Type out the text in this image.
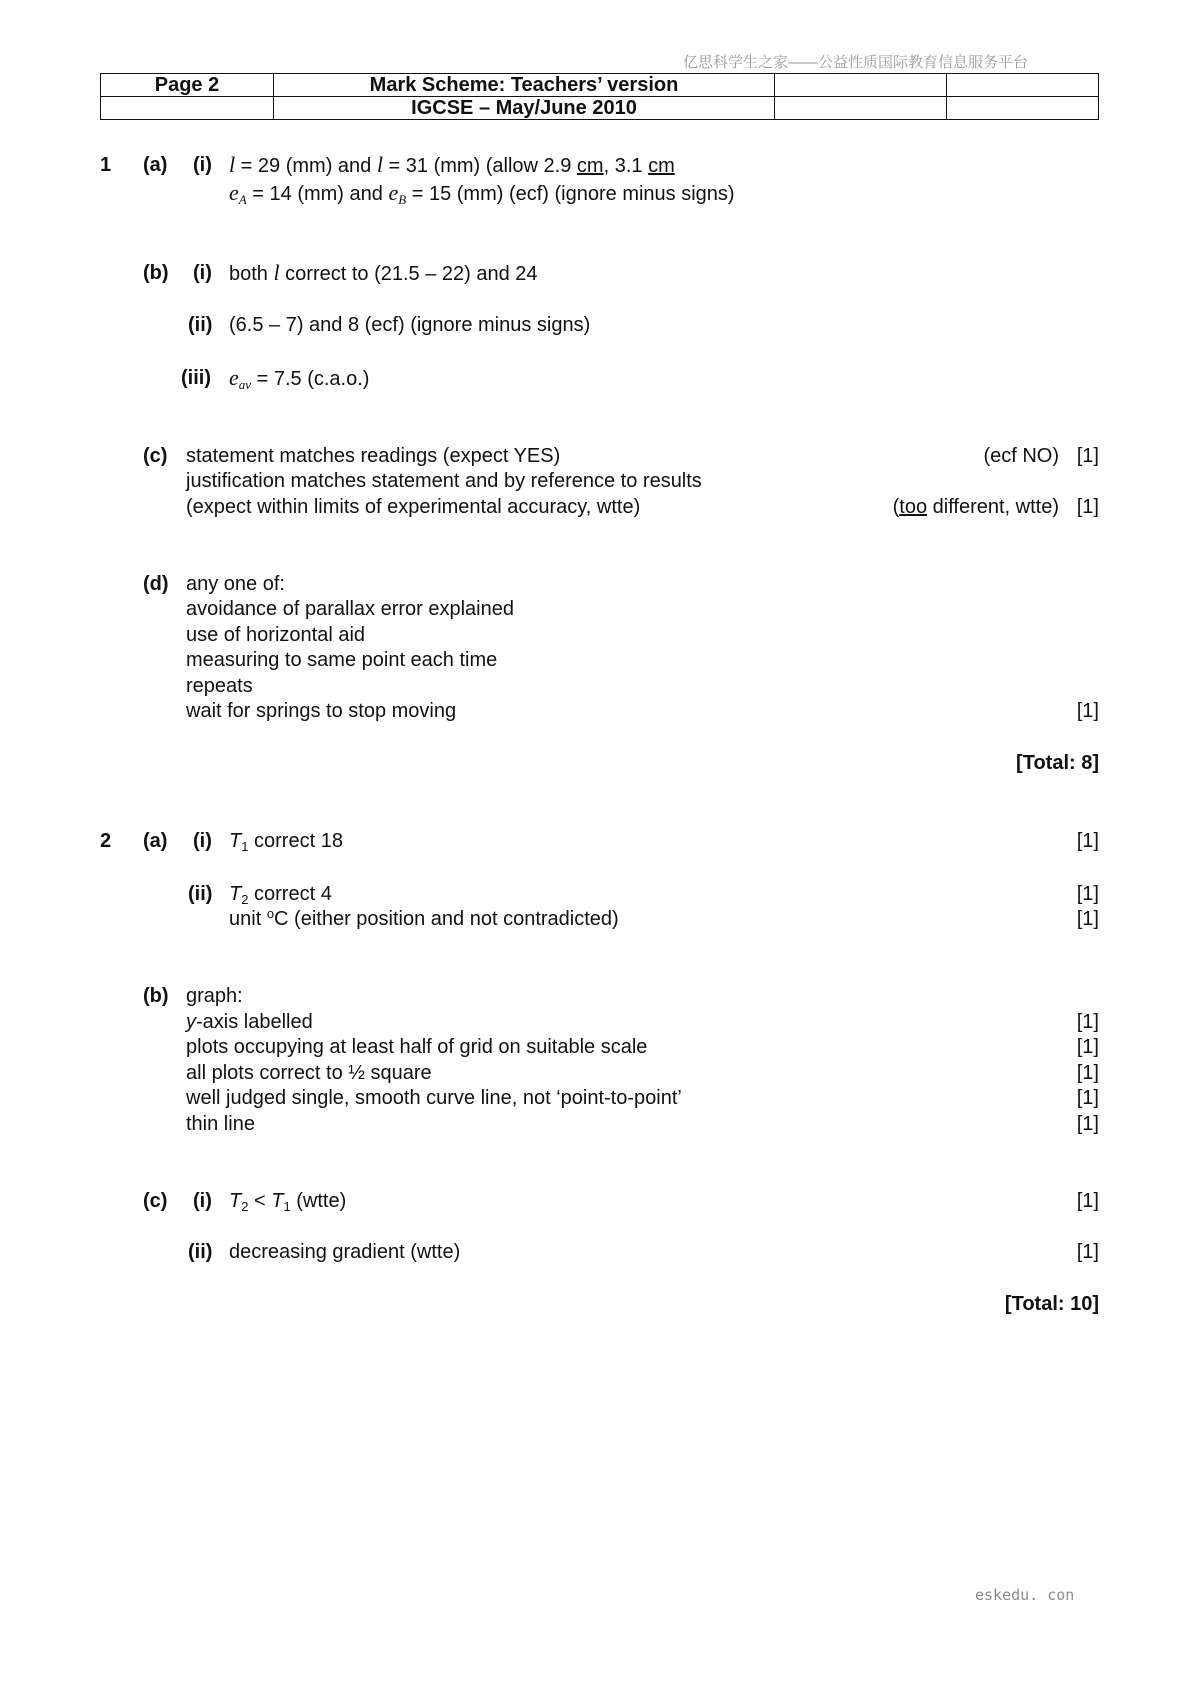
亿思科学生之家——公益性质国际教育信息服务平台
Page 2	Mark Scheme: Teachers’ version		
	IGCSE – May/June 2010		
1 (a) (i) l = 29 (mm) and l = 31 (mm) (allow 2.9 cm, 3.1 cm
$e_A = 14$ (mm) and $e_B = 15$ (mm) (ecf) (ignore minus signs)
(b) (i) both l correct to (21.5 – 22) and 24
(ii) (6.5 – 7) and 8 (ecf) (ignore minus signs)
(iii) $e_{av} = 7.5$ (c.a.o.)
(c) statement matches readings (expect YES)	(ecf NO) [1]
justification matches statement and by reference to results
(expect within limits of experimental accuracy, wtte)	(too different, wtte) [1]
(d) any one of:
avoidance of parallax error explained
use of horizontal aid
measuring to same point each time
repeats
wait for springs to stop moving	[1]
[Total: 8]
2 (a) (i) $T_1$ correct 18	[1]
(ii) $T_2$ correct 4	[1]
unit $^o$C (either position and not contradicted)	[1]
(b) graph:
y-axis labelled	[1]
plots occupying at least half of grid on suitable scale	[1]
all plots correct to ½ square	[1]
well judged single, smooth curve line, not ‘point-to-point’	[1]
thin line	[1]
(c) (i) $T_2 < T_1$ (wtte)	[1]
(ii) decreasing gradient (wtte)	[1]
[Total: 10]
eskedu. con
